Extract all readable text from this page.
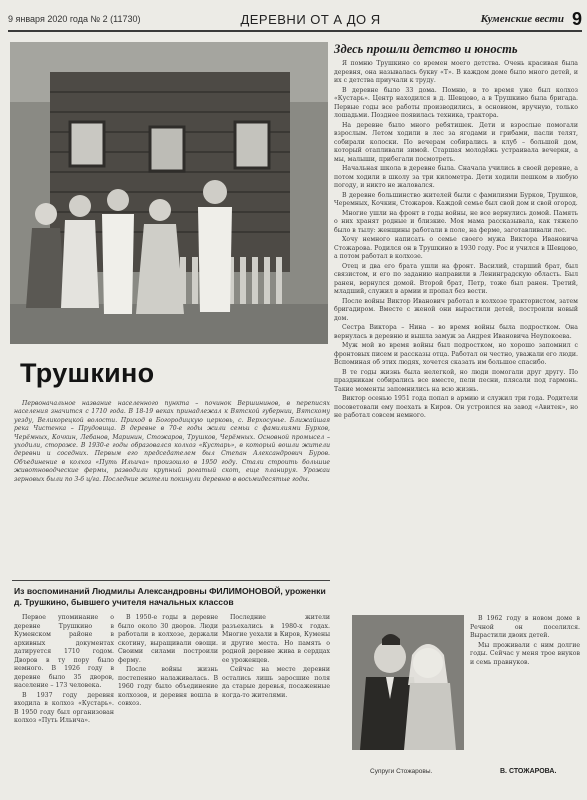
9 января 2020 года № 2 (11730)	ДЕРЕВНИ ОТ А ДО Я	Куменские вести 9
Здесь прошли детство и юность

Я помню Трушкино со времен моего детства. Очень красивая была деревня, она называлась букву «Т». В каждом доме было много детей, и их с детства приучали к труду.

В деревне было 33 дома. Помню, в то время уже был колхоз «Кустарь». Центр находился в д. Шевцово, а в Трушкино была бригада. Первые годы все работы производились, в основном, вручную, только лошадьми. Позднее появилась техника, трактора.

На деревне было много ребятишек. Дети и взрослые помогали взрослым. Летом ходили в лес за ягодами и грибами, пасли телят, собирали колоски. По вечерам собирались в клуб – большой дом, который отапливали зимой. Старшая молодёжь устраивала вечерки, а мы, малыши, прибегали посмотреть.

Начальная школа в деревне была. Сначала учились в своей деревне, а потом ходили в школу за три километра. Дети ходили пешком в любую погоду, и никто не жаловался.

В деревне большинство жителей были с фамилиями Бурков, Трушков, Черемных, Кочкин, Стожаров. Каждой семье был свой дом и свой огород.

Многие ушли на фронт в годы войны, не все вернулись домой. Память о них хранят родные и близкие. Моя мама рассказывала, как тяжело было в тылу: женщины работали в поле, на ферме, заготавливали лес.

Хочу немного написать о семье своего мужа Виктора Ивановича Стожарова. Родился он в Трушкино в 1930 году. Рос и учился в Шевцово, а потом работал в колхозе.

Отец и два его брата ушли на фронт. Василий, старший брат, был связистом, и его по заданию направили в Ленинградскую область. Был ранен, вернулся домой. Второй брат, Петр, тоже был ранен. Третий, младший, служил в армии и пропал без вести.

После войны Виктор Иванович работал в колхозе трактористом, затем бригадиром. Вместе с женой они вырастили детей, построили новый дом.

Сестра Виктора – Нина – во время войны была подростком. Она вернулась в деревню и вышла замуж за Андрея Ивановича Неупокоева.

Муж мой во время войны был подростком, но хорошо запомнил с фронтовых писем и рассказы отца. Работал он честно, уважали его люди. Вспоминая об этих людях, хочется сказать им большое спасибо.

В те годы жизнь была нелегкой, но люди помогали друг другу. По праздникам собирались все вместе, пели песни, плясали под гармонь. Такие моменты запомнились на всю жизнь.

Виктор осенью 1951 года попал в армию и служил три года. Родители посоветовали ему поехать в Киров. Он устроился на завод «Авитек», но не работал совсем немного.

Трушкино

Первоначальное название населенного пункта – починок Вершининов, в переписях населения значится с 1710 года. В 18-19 веках принадлежал к Вятской губернии, Вятскому уезду, Великорецкой волости. Приход в Богородицкую церковь, с. Верхосунье. Ближайшая река Чистенка – Прудовица. В деревне в 70-е годы жили семьи с фамилиями Бурков, Черёмных, Кочкин, Лебанов, Маринин, Стожаров, Трушков, Черёмных. Основной промысел – уходили, стороже. В 1930-е годы образовался колхоз «Кустарь», в который вошли жители деревни и соседних. Первым его председателем был Степан Александрович Буров. Объединение в колхоз «Путь Ильича» произошло в 1950 году. Стали строить большие животноводческие фермы, разводили крупный рогатый скот, еще планируя. Урожаи зерновых были по 3-6 ц/га. Последние жители покинули деревню в восьмидесятые годы.

Из воспоминаний Людмилы Александровны ФИЛИМОНОВОЙ, уроженки д. Трушкино, бывшего учителя начальных классов

Первое упоминание о деревне Трушкино в Куменском районе в архивных документах датируется 1710 годом. Дворов в ту пору было немного. В 1926 году в деревне было 35 дворов, население – 173 человека.

В 1937 году деревня входила в колхоз «Кустарь». В 1950 году был организован колхоз «Путь Ильича».

В 1950-е годы в деревне было около 30 дворов. Люди работали в колхозе, держали скотину, выращивали овощи. Своими силами построили ферму.

После войны жизнь постепенно налаживалась. В 1960 году было объединение колхозов, и деревня вошла в совхоз.

Последние жители разъехались в 1980-х годах. Многие уехали в Киров, Кумены и другие места. Но память о родной деревне жива в сердцах ее уроженцев.

Сейчас на месте деревни остались лишь заросшие поля да старые деревья, посаженные когда-то жителями.

В 1962 году в новом доме в Речной он поселился. Вырастили двоих детей.

Мы проживали с ним долгие годы. Сейчас у меня трое внуков и семь правнуков.

Супруги Стожаровы.	В. СТОЖАРОВА.
